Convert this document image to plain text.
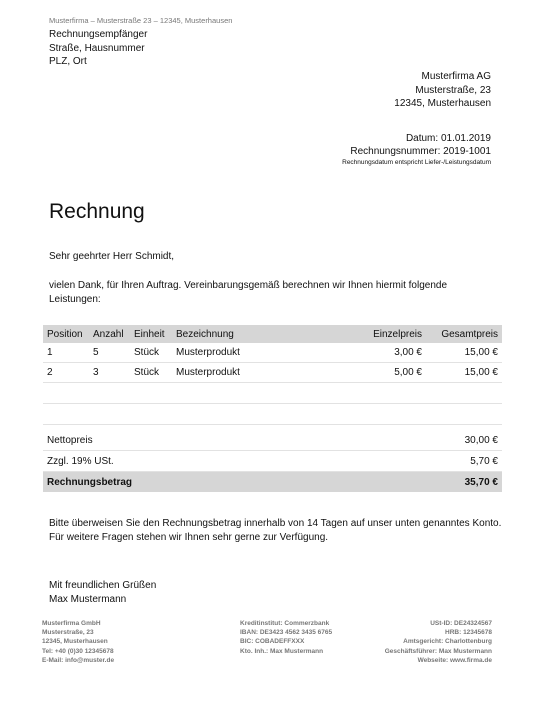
Musterfirma – Musterstraße 23 – 12345, Musterhausen
Rechnungsempfänger
Straße, Hausnummer
PLZ, Ort
Musterfirma AG
Musterstraße, 23
12345, Musterhausen
Datum: 01.01.2019
Rechnungsnummer: 2019-1001
Rechnungsdatum entspricht Liefer-/Leistungsdatum
Rechnung
Sehr geehrter Herr Schmidt,
vielen Dank, für Ihren Auftrag. Vereinbarungsgemäß berechnen wir Ihnen hiermit folgende Leistungen:
Position	Anzahl	Einheit	Bezeichnung	Einzelpreis	Gesamtpreis
1	5	Stück	Musterprodukt	3,00 €	15,00 €
2	3	Stück	Musterprodukt	5,00 €	15,00 €

Nettopreis	30,00 €
Zzgl. 19% USt.	5,70 €
Rechnungsbetrag	35,70 €
Bitte überweisen Sie den Rechnungsbetrag innerhalb von 14 Tagen auf unser unten genanntes Konto.
Für weitere Fragen stehen wir Ihnen sehr gerne zur Verfügung.
Mit freundlichen Grüßen
Max Mustermann
Musterfirma GmbH
Musterstraße, 23
12345, Musterhausen
Tel: +40 (0)30 12345678
E-Mail: info@muster.de
Kreditinstitut: Commerzbank
IBAN: DE3423 4562 3435 6765
BIC: COBADEFFXXX
Kto. Inh.: Max Mustermann
USt-ID: DE24324567
HRB: 12345678
Amtsgericht: Charlottenburg
Geschäftsführer: Max Mustermann
Webseite: www.firma.de
